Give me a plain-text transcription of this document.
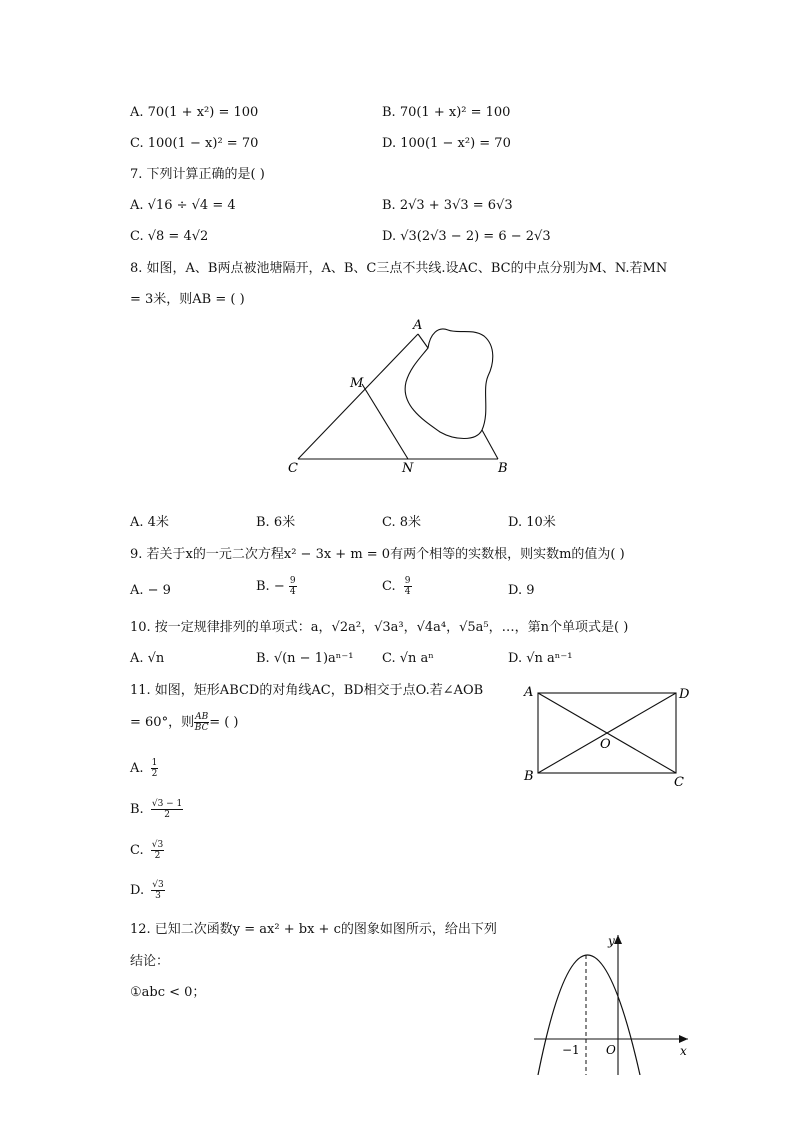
A. 70(1 + x²) = 100	B. 70(1 + x)² = 100
C. 100(1 − x)² = 70	D. 100(1 − x²) = 70
7. 下列计算正确的是( )
A. √16 ÷ √4 = 4	B. 2√3 + 3√3 = 6√3
C. √8 = 4√2	D. √3(2√3 − 2) = 6 − 2√3
8. 如图，A、B两点被池塘隔开，A、B、C三点不共线.设AC、BC的中点分别为M、N.若MN
= 3米，则AB = ( )
A
M
C	N	B
A. 4米	B. 6米	C. 8米	D. 10米
9. 若关于x的一元二次方程x² − 3x + m = 0有两个相等的实数根，则实数m的值为( )
A. − 9	B. − $\frac{9}{4}$	C. $\frac{9}{4}$	D. 9
10. 按一定规律排列的单项式：a，√2a²，√3a³，√4a⁴，√5a⁵，…，第n个单项式是( )
A. √n	B. √(n − 1)aⁿ⁻¹ C. √n aⁿ	D. √n aⁿ⁻¹
11. 如图，矩形ABCD的对角线AC，BD相交于点O.若∠AOB
= 60°，则 $\frac{AB}{BC}$ = ( )
A	D
B	C
O
A. $\frac{1}{2}$
B. $\frac{√3 - 1}{2}$
C. $\frac{√3}{2}$
D. $\frac{√3}{3}$
12. 已知二次函数y = ax² + bx + c的图象如图所示，给出下列
结论：
①abc < 0；
y
x
O
−1
